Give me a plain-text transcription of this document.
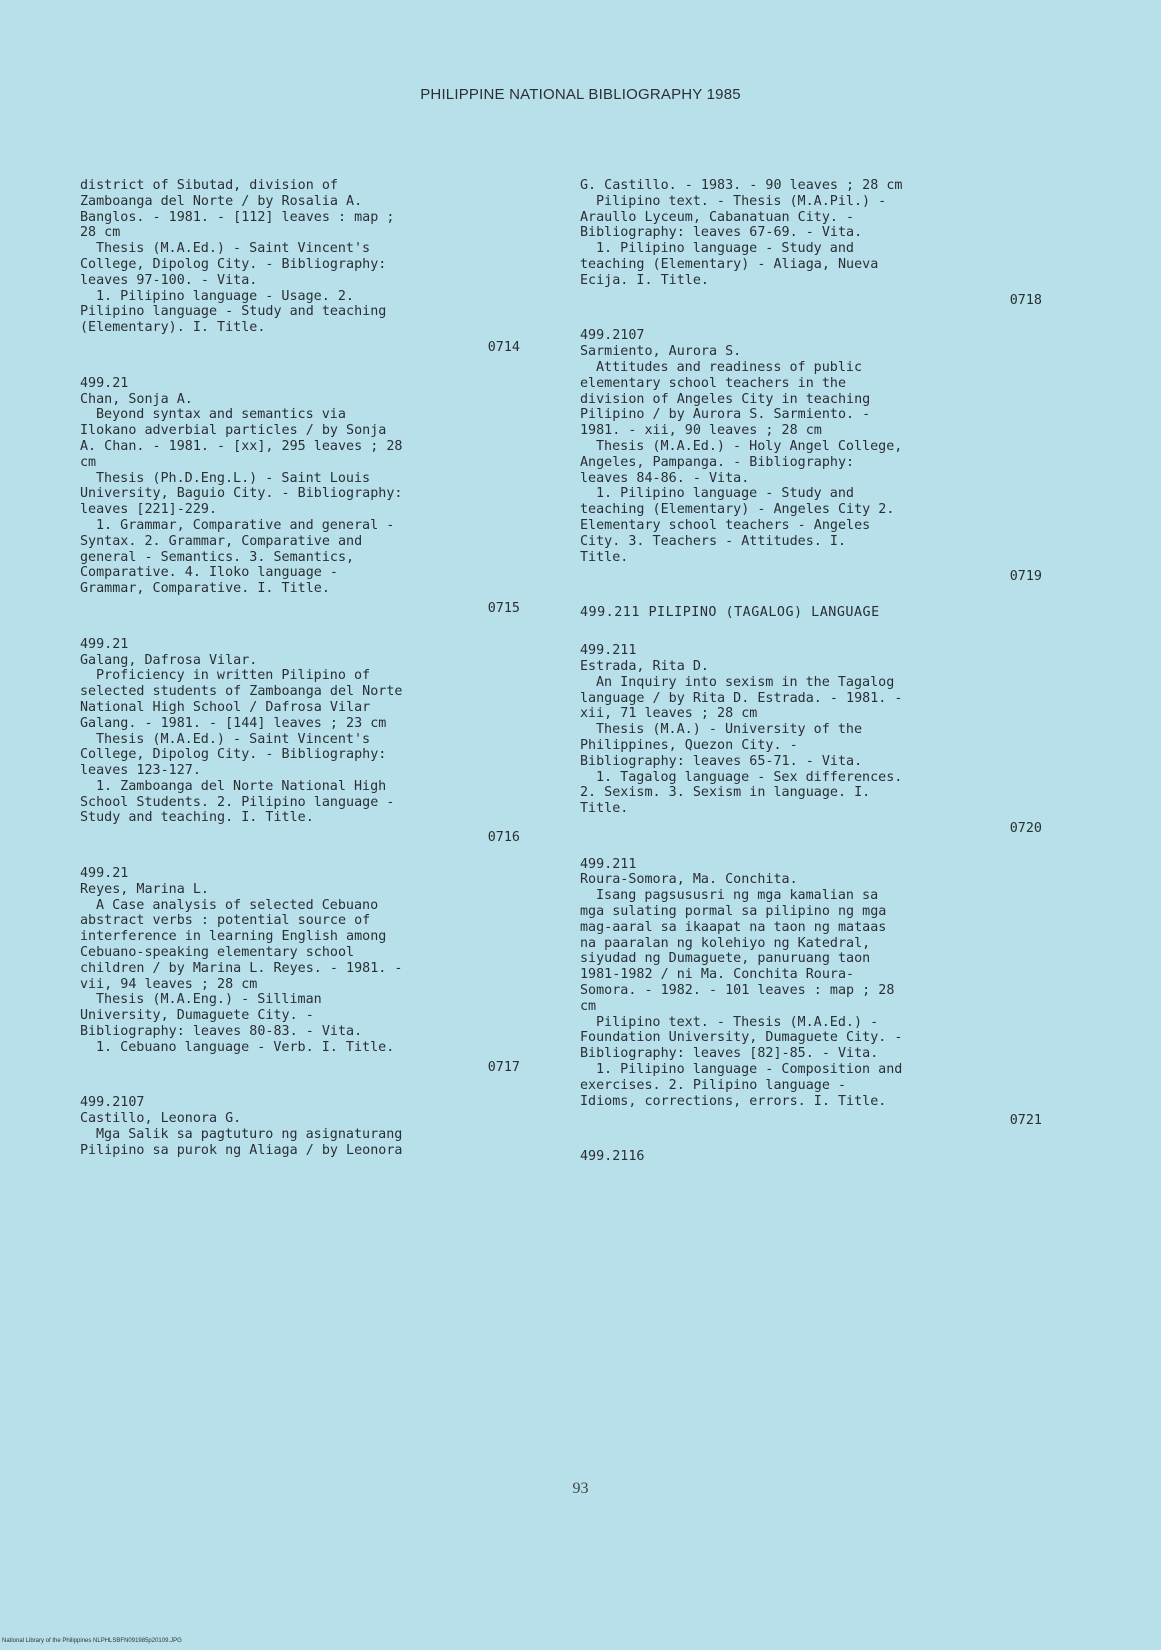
PHILIPPINE NATIONAL BIBLIOGRAPHY 1985

district of Sibutad, division of

Zamboanga del Norte / by Rosalia A.

Banglos. - 1981. - [112] leaves : map ;

28 cm

Thesis (M.A.Ed.) - Saint Vincent's

College, Dipolog City. - Bibliography:

leaves 97-100. - Vita.

1. Pilipino language - Usage. 2.

Pilipino language - Study and teaching

(Elementary). I. Title.

0714

499.21

Chan, Sonja A.

Beyond syntax and semantics via

Ilokano adverbial particles / by Sonja

A. Chan. - 1981. - [xx], 295 leaves ; 28

cm

Thesis (Ph.D.Eng.L.) - Saint Louis

University, Baguio City. - Bibliography:

leaves [221]-229.

1. Grammar, Comparative and general -

Syntax. 2. Grammar, Comparative and

general - Semantics. 3. Semantics,

Comparative. 4. Iloko language -

Grammar, Comparative. I. Title.

0715

499.21

Galang, Dafrosa Vilar.

Proficiency in written Pilipino of

selected students of Zamboanga del Norte

National High School / Dafrosa Vilar

Galang. - 1981. - [144] leaves ; 23 cm

Thesis (M.A.Ed.) - Saint Vincent's

College, Dipolog City. - Bibliography:

leaves 123-127.

1. Zamboanga del Norte National High

School Students. 2. Pilipino language -

Study and teaching. I. Title.

0716

499.21

Reyes, Marina L.

A Case analysis of selected Cebuano

abstract verbs : potential source of

interference in learning English among

Cebuano-speaking elementary school

children / by Marina L. Reyes. - 1981. -

vii, 94 leaves ; 28 cm

Thesis (M.A.Eng.) - Silliman

University, Dumaguete City. -

Bibliography: leaves 80-83. - Vita.

1. Cebuano language - Verb. I. Title.

0717

499.2107

Castillo, Leonora G.

Mga Salik sa pagtuturo ng asignaturang

Pilipino sa purok ng Aliaga / by Leonora

G. Castillo. - 1983. - 90 leaves ; 28 cm

Pilipino text. - Thesis (M.A.Pil.) -

Araullo Lyceum, Cabanatuan City. -

Bibliography: leaves 67-69. - Vita.

1. Pilipino language - Study and

teaching (Elementary) - Aliaga, Nueva

Ecija. I. Title.

0718

499.2107

Sarmiento, Aurora S.

Attitudes and readiness of public

elementary school teachers in the

division of Angeles City in teaching

Pilipino / by Aurora S. Sarmiento. -

1981. - xii, 90 leaves ; 28 cm

Thesis (M.A.Ed.) - Holy Angel College,

Angeles, Pampanga. - Bibliography:

leaves 84-86. - Vita.

1. Pilipino language - Study and

teaching (Elementary) - Angeles City 2.

Elementary school teachers - Angeles

City. 3. Teachers - Attitudes. I.

Title.

0719

499.211 PILIPINO (TAGALOG) LANGUAGE

499.211

Estrada, Rita D.

An Inquiry into sexism in the Tagalog

language / by Rita D. Estrada. - 1981. -

xii, 71 leaves ; 28 cm

Thesis (M.A.) - University of the

Philippines, Quezon City. -

Bibliography: leaves 65-71. - Vita.

1. Tagalog language - Sex differences.

2. Sexism. 3. Sexism in language. I.

Title.

0720

499.211

Roura-Somora, Ma. Conchita.

Isang pagsususri ng mga kamalian sa

mga sulating pormal sa pilipino ng mga

mag-aaral sa ikaapat na taon ng mataas

na paaralan ng kolehiyo ng Katedral,

siyudad ng Dumaguete, panuruang taon

1981-1982 / ni Ma. Conchita Roura-

Somora. - 1982. - 101 leaves : map ; 28

cm

Pilipino text. - Thesis (M.A.Ed.) -

Foundation University, Dumaguete City. -

Bibliography: leaves [82]-85. - Vita.

1. Pilipino language - Composition and

exercises. 2. Pilipino language -

Idioms, corrections, errors. I. Title.

0721

499.2116
93
National Library of the Philippines NLPHLSBFN091985p20109.JPG
